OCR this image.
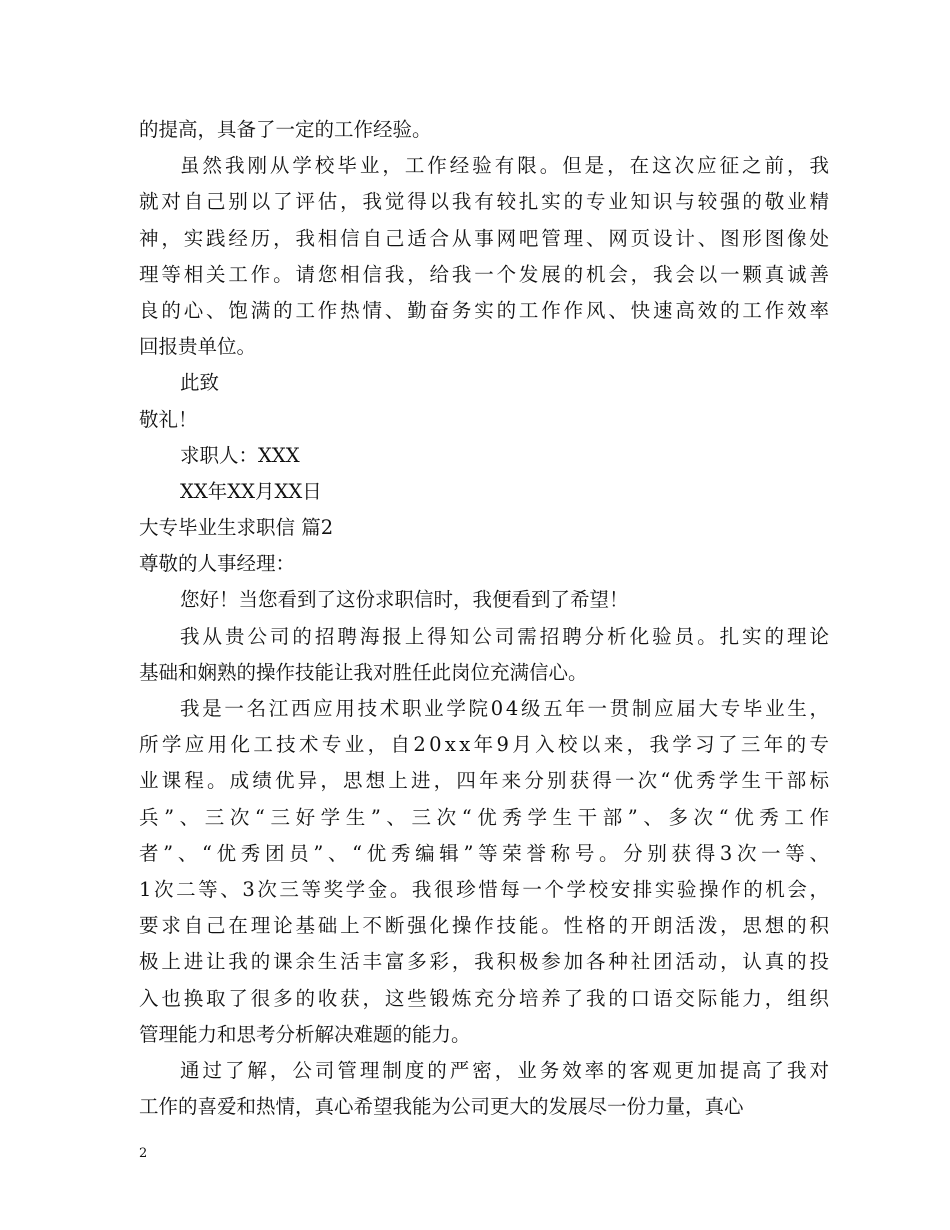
的提高，具备了一定的工作经验。
虽然我刚从学校毕业，工作经验有限。但是，在这次应征之前，我
就对自己别以了评估，我觉得以我有较扎实的专业知识与较强的敬业精
神，实践经历，我相信自己适合从事网吧管理、网页设计、图形图像处
理等相关工作。请您相信我，给我一个发展的机会，我会以一颗真诚善
良的心、饱满的工作热情、勤奋务实的工作作风、快速高效的工作效率
回报贵单位。
此致
敬礼！
求职人：XXX
XX年XX月XX日
大专毕业生求职信 篇2
尊敬的人事经理：
您好！当您看到了这份求职信时，我便看到了希望！
我从贵公司的招聘海报上得知公司需招聘分析化验员。扎实的理论
基础和娴熟的操作技能让我对胜任此岗位充满信心。
我是一名江西应用技术职业学院04级五年一贯制应届大专毕业生，
所学应用化工技术专业，自20xx年9月入校以来，我学习了三年的专
业课程。成绩优异，思想上进，四年来分别获得一次“优秀学生干部标
兵”、三次“三好学生”、三次“优秀学生干部”、多次“优秀工作
者”、“优秀团员”、“优秀编辑”等荣誉称号。分别获得3次一等、
1次二等、3次三等奖学金。我很珍惜每一个学校安排实验操作的机会，
要求自己在理论基础上不断强化操作技能。性格的开朗活泼，思想的积
极上进让我的课余生活丰富多彩，我积极参加各种社团活动，认真的投
入也换取了很多的收获，这些锻炼充分培养了我的口语交际能力，组织
管理能力和思考分析解决难题的能力。
通过了解，公司管理制度的严密，业务效率的客观更加提高了我对
工作的喜爱和热情，真心希望我能为公司更大的发展尽一份力量，真心
2
